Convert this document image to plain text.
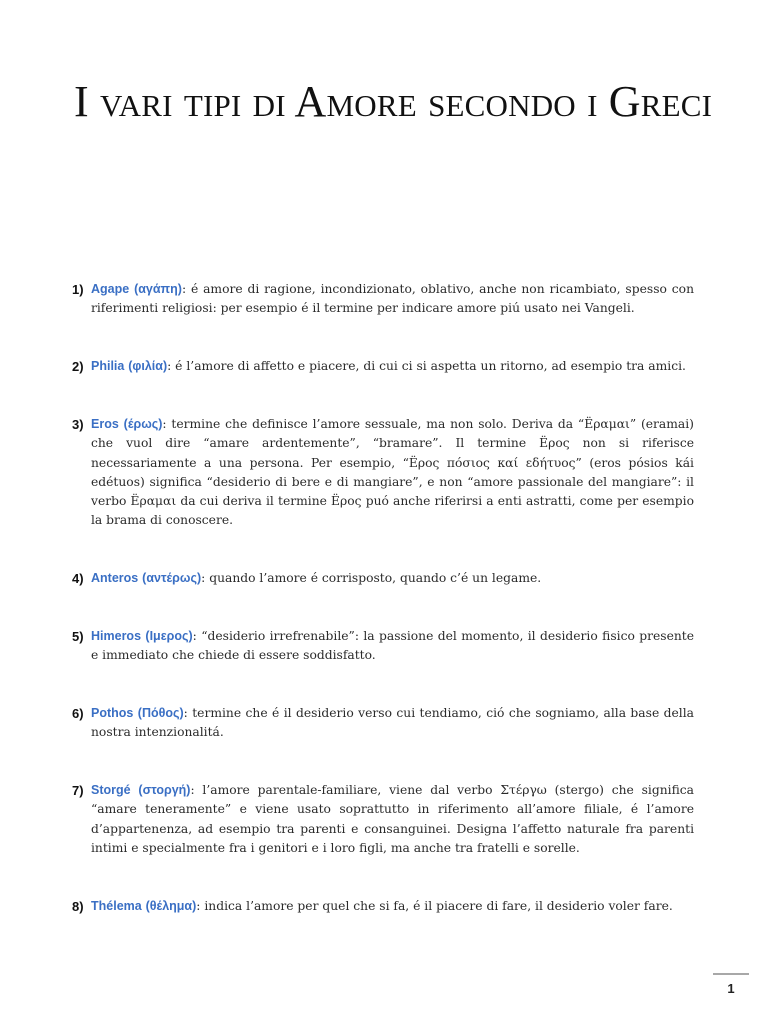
I vari tipi di Amore secondo i Greci
1) Agape (αγάπη): é amore di ragione, incondizionato, oblativo, anche non ricambiato, spesso con riferimenti religiosi: per esempio é il termine per indicare amore piú usato nei Vangeli.
2) Philia (φιλία): é l’amore di affetto e piacere, di cui ci si aspetta un ritorno, ad esempio tra amici.
3) Eros (έρως): termine che definisce l’amore sessuale, ma non solo. Deriva da “Ëραμαι” (eramai) che vuol dire “amare ardentemente”, “bramare”. Il termine Ëρος non si riferisce necessariamente a una persona. Per esempio, “Ëρος πόσιος καί εδήτυος” (eros pósios kái edétuos) significa “desiderio di bere e di mangiare”, e non “amore passionale del mangiare”: il verbo Ëραμαι da cui deriva il termine Ëρος puó anche riferirsi a enti astratti, come per esempio la brama di conoscere.
4) Anteros (αντέρως): quando l’amore é corrisposto, quando c’é un legame.
5) Himeros (Ιμερος): “desiderio irrefrenabile”: la passione del momento, il desiderio fisico presente e immediato che chiede di essere soddisfatto.
6) Pothos (Πόθος): termine che é il desiderio verso cui tendiamo, ció che sogniamo, alla base della nostra intenzionalitá.
7) Storgé (στοργή): l’amore parentale-familiare, viene dal verbo Στέργω (stergo) che significa “amare teneramente” e viene usato soprattutto in riferimento all’amore filiale, é l’amore d’appartenenza, ad esempio tra parenti e consanguinei. Designa l’affetto naturale fra parenti intimi e specialmente fra i genitori e i loro figli, ma anche tra fratelli e sorelle.
8) Thélema (θέλημα): indica l’amore per quel che si fa, é il piacere di fare, il desiderio voler fare.
1
